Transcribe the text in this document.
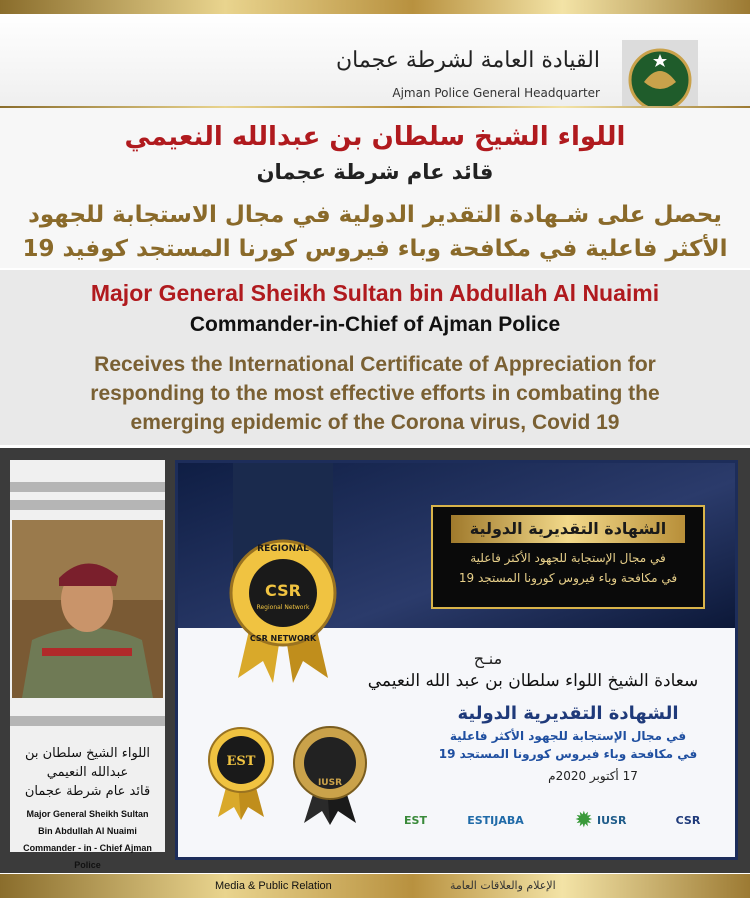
القيادة العامة لشرطة عجمان
Ajman Police General Headquarter
اللواء الشيخ سلطان بن عبدالله النعيمي
قائد عام شرطة عجمان
يحصل على شـهادة التقدير الدولية في مجال الاستجابة للجهود
الأكثر فاعلية في مكافحة وباء فيروس كورنا المستجد كوفيد 19
Major General Sheikh Sultan bin Abdullah Al Nuaimi
Commander-in-Chief of Ajman Police
Receives the International Certificate of Appreciation for
responding to the most effective efforts in combating the
emerging epidemic of the Corona virus, Covid 19
اللواء الشيخ سلطان بن
عبدالله النعيمي
قائد عام شرطة عجمان
Major General Sheikh Sultan
Bin Abdullah Al Nuaimi
Commander - in - Chief Ajman Police
REGIONAL
CSR
Regional Network
CSR NETWORK
الشهادة التقديرية الدولية
في مجال الإستجابة للجهود الأكثر فاعلية
في مكافحة وباء فيروس كورونا المستجد 19
منـح
سعادة الشيخ اللواء سلطان بن عبد الله النعيمي
الشهادة التقديرية الدولية
في مجال الإستجابة للجهود الأكثر فاعلية
في مكافحة وباء فيروس كورونا المستجد 19
17 أكتوبر 2020م
EST
IUSR
CSR
✹ IUSR
ESTIJABA
EST
Media & Public Relation	الإعلام والعلاقات العامة
